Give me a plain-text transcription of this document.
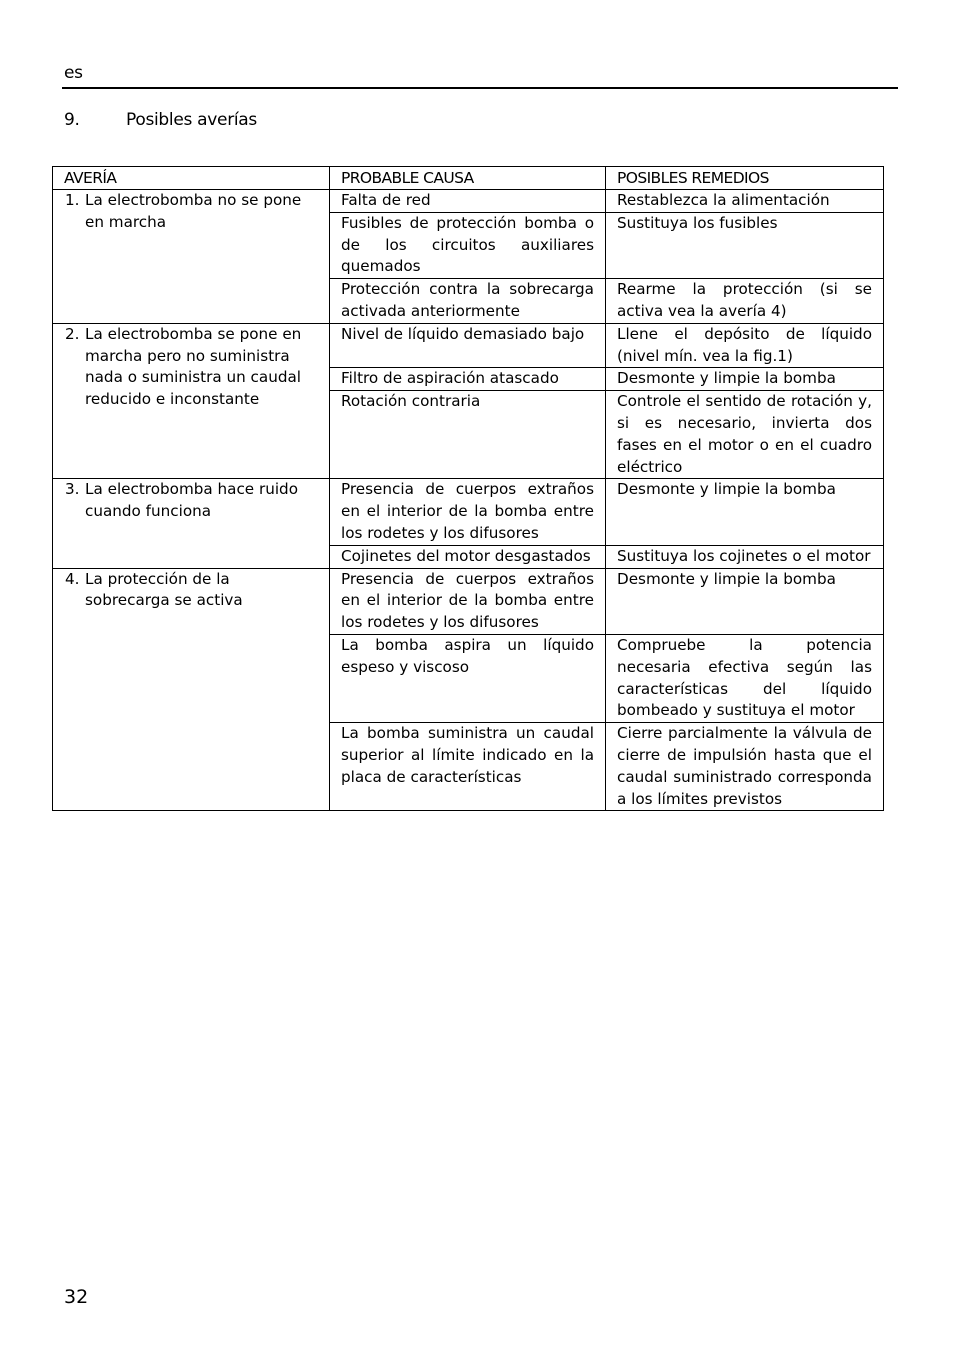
es
9.	Posibles averías
AVERÍA	PROBABLE CAUSA	POSIBLES REMEDIOS

1. La electrobomba no se pone en marcha	Falta de red	Restablezca la alimentación
	Fusibles de protección bomba o de los circuitos auxiliares quemados	Sustituya los fusibles
	Protección contra la sobrecarga activada anteriormente	Rearme la protección (si se activa vea la avería 4)

2. La electrobomba se pone en marcha pero no suministra nada o suministra un caudal reducido e inconstante	Nivel de líquido demasiado bajo	Llene el depósito de líquido (nivel mín. vea la fig.1)
	Filtro de aspiración atascado	Desmonte y limpie la bomba
	Rotación contraria	Controle el sentido de rotación y, si es necesario, invierta dos fases en el motor o en el cuadro eléctrico

3. La electrobomba hace ruido cuando funciona	Presencia de cuerpos extraños en el interior de la bomba entre los rodetes y los difusores	Desmonte y limpie la bomba
	Cojinetes del motor desgastados	Sustituya los cojinetes o el motor

4. La protección de la sobrecarga se activa	Presencia de cuerpos extraños en el interior de la bomba entre los rodetes y los difusores	Desmonte y limpie la bomba
	La bomba aspira un líquido espeso y viscoso	Compruebe la potencia necesaria efectiva según las características del líquido bombeado y sustituya el motor
	La bomba suministra un caudal superior al límite indicado en la placa de características	Cierre parcialmente la válvula de cierre de impulsión hasta que el caudal suministrado corresponda a los límites previstos
32
